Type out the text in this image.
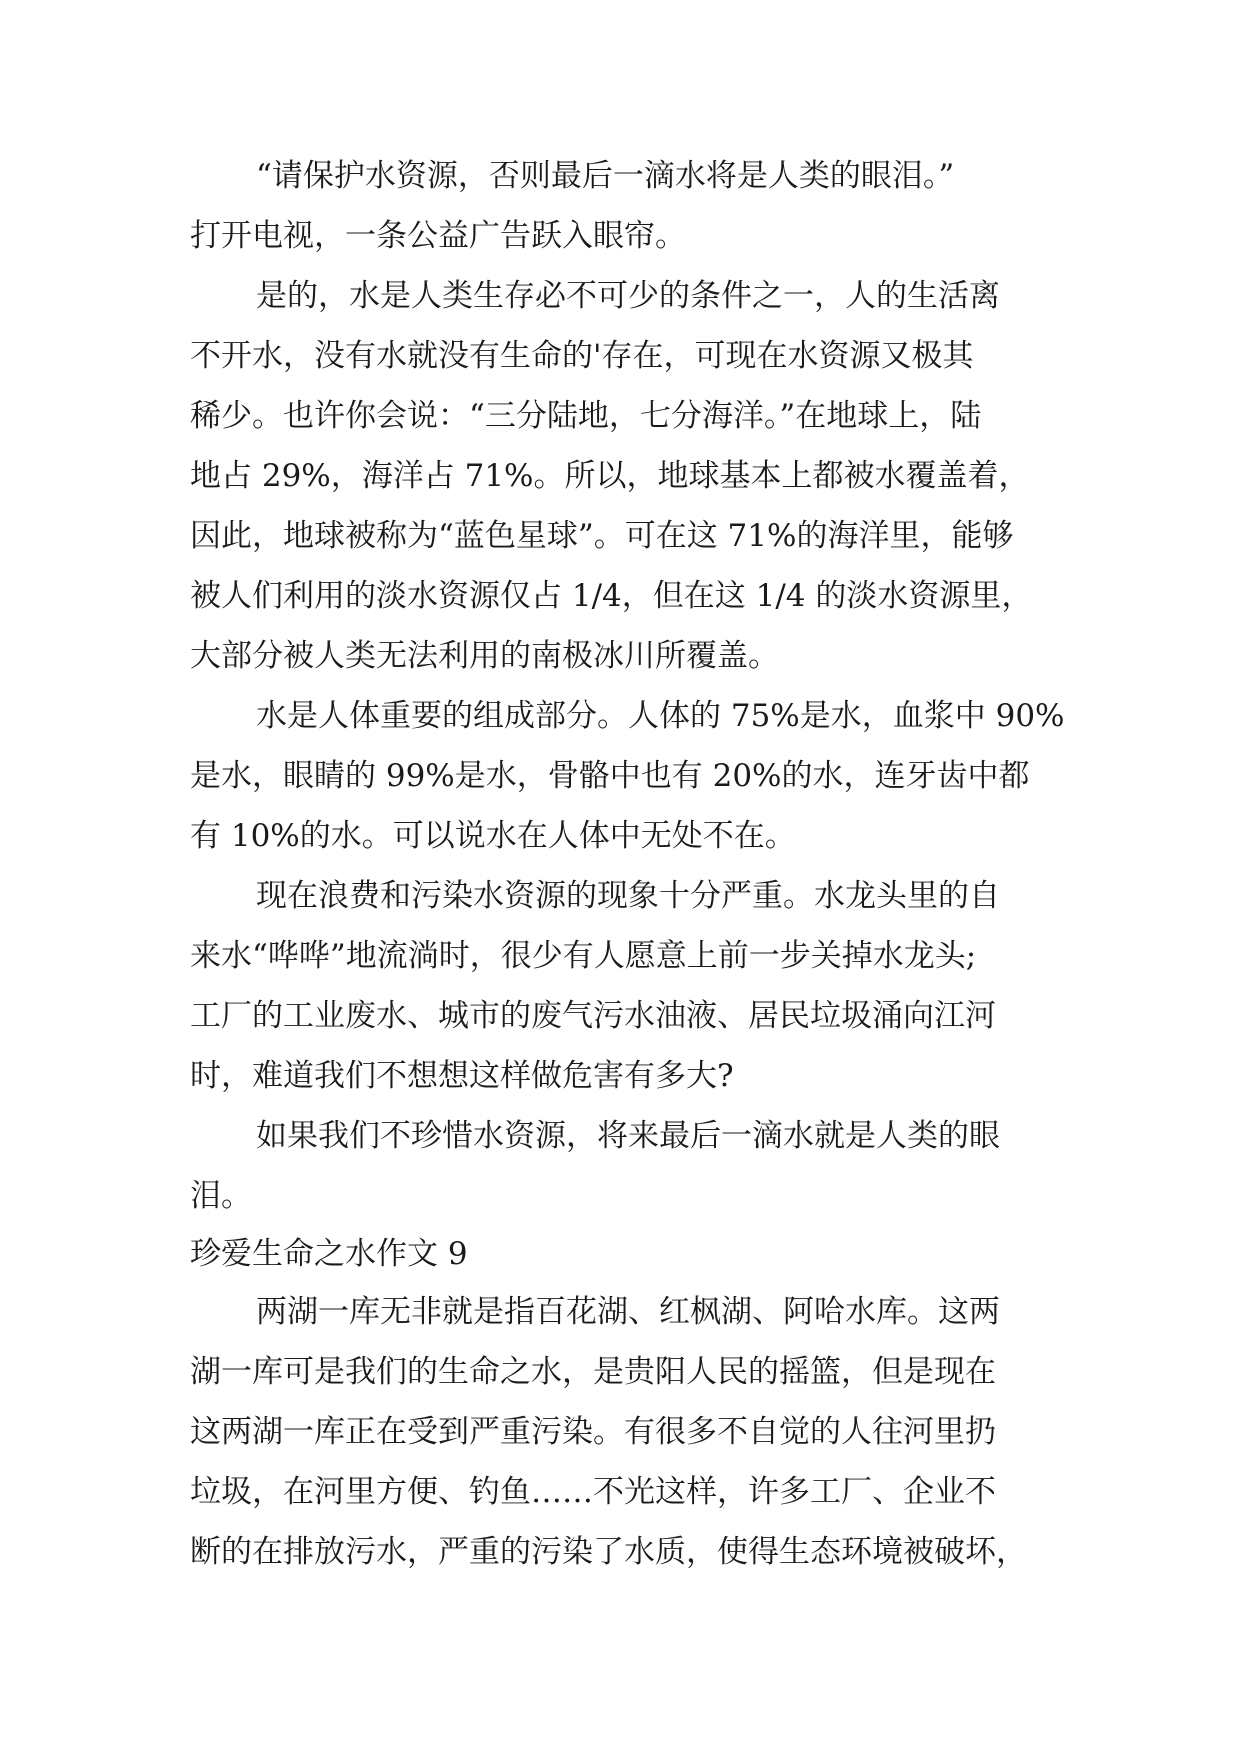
“请保护水资源，否则最后一滴水将是人类的眼泪。”
打开电视，一条公益广告跃入眼帘。
是的，水是人类生存必不可少的条件之一，人的生活离
不开水，没有水就没有生命的'存在，可现在水资源又极其
稀少。也许你会说：“三分陆地，七分海洋。”在地球上，陆
地占 29%，海洋占 71%。所以，地球基本上都被水覆盖着，
因此，地球被称为“蓝色星球”。可在这 71%的海洋里，能够
被人们利用的淡水资源仅占 1/4，但在这 1/4 的淡水资源里，
大部分被人类无法利用的南极冰川所覆盖。
水是人体重要的组成部分。人体的 75%是水，血浆中 90%
是水，眼睛的 99%是水，骨骼中也有 20%的水，连牙齿中都
有 10%的水。可以说水在人体中无处不在。
现在浪费和污染水资源的现象十分严重。水龙头里的自
来水“哗哗”地流淌时，很少有人愿意上前一步关掉水龙头;
工厂的工业废水、城市的废气污水油液、居民垃圾涌向江河
时，难道我们不想想这样做危害有多大?
如果我们不珍惜水资源，将来最后一滴水就是人类的眼
泪。
珍爱生命之水作文 9
两湖一库无非就是指百花湖、红枫湖、阿哈水库。这两
湖一库可是我们的生命之水，是贵阳人民的摇篮，但是现在
这两湖一库正在受到严重污染。有很多不自觉的人往河里扔
垃圾，在河里方便、钓鱼……不光这样，许多工厂、企业不
断的在排放污水，严重的污染了水质，使得生态环境被破坏，
